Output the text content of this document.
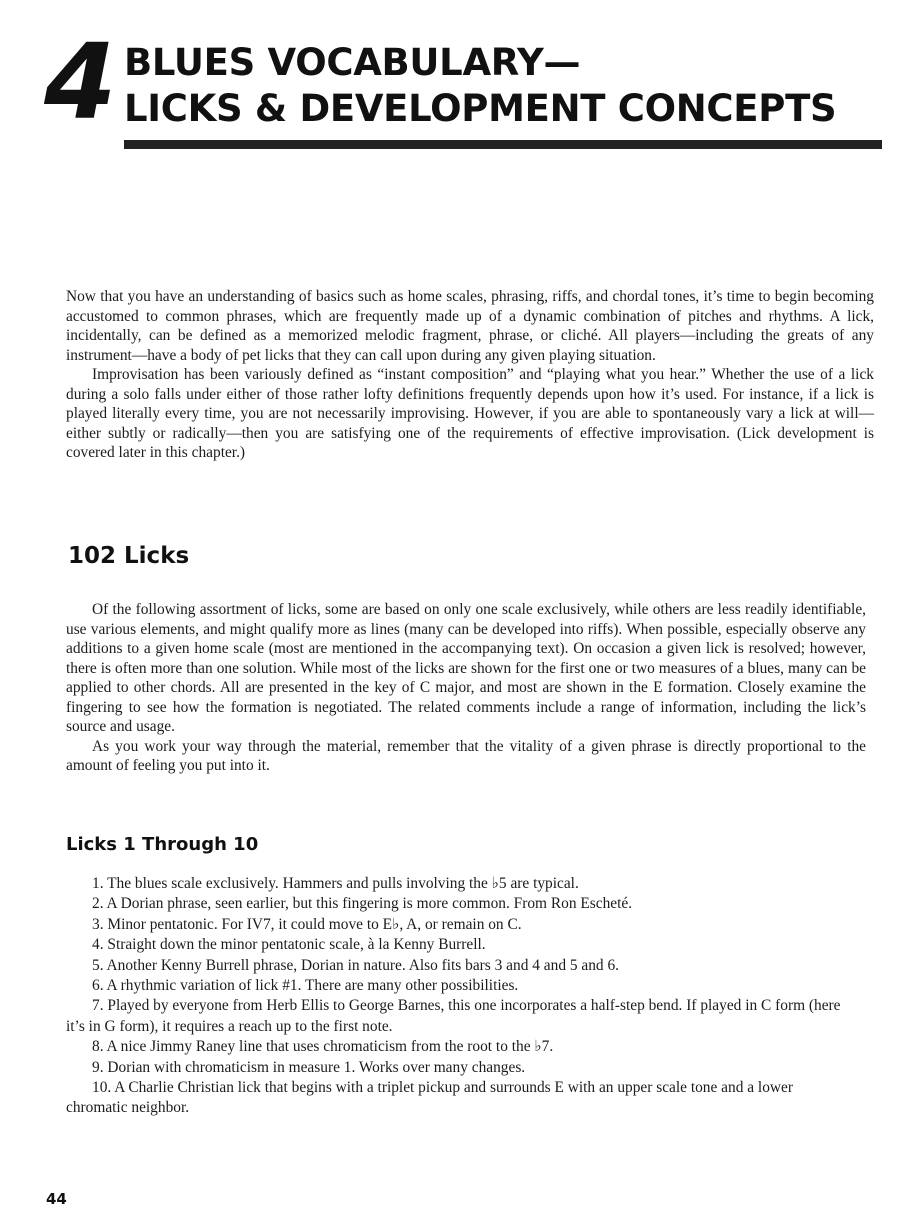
4 BLUES VOCABULARY—
LICKS & DEVELOPMENT CONCEPTS

Now that you have an understanding of basics such as home scales, phrasing, riffs, and chordal tones, it’s time to begin becoming accustomed to common phrases, which are frequently made up of a dynamic combination of pitches and rhythms. A lick, incidentally, can be defined as a memorized melodic fragment, phrase, or cliché. All players—including the greats of any instrument—have a body of pet licks that they can call upon during any given playing situation.

Improvisation has been variously defined as “instant composition” and “playing what you hear.” Whether the use of a lick during a solo falls under either of those rather lofty definitions frequently depends upon how it’s used. For instance, if a lick is played literally every time, you are not necessarily improvising. However, if you are able to spontaneously vary a lick at will—either subtly or radically—then you are satisfying one of the requirements of effective improvisation. (Lick development is covered later in this chapter.)

102 Licks

Of the following assortment of licks, some are based on only one scale exclusively, while others are less readily identifiable, use various elements, and might qualify more as lines (many can be developed into riffs). When possible, especially observe any additions to a given home scale (most are mentioned in the accompanying text). On occasion a given lick is resolved; however, there is often more than one solution. While most of the licks are shown for the first one or two measures of a blues, many can be applied to other chords. All are presented in the key of C major, and most are shown in the E formation. Closely examine the fingering to see how the formation is negotiated. The related comments include a range of information, including the lick’s source and usage.

As you work your way through the material, remember that the vitality of a given phrase is directly proportional to the amount of feeling you put into it.

Licks 1 Through 10
1. The blues scale exclusively. Hammers and pulls involving the ♭5 are typical.
2. A Dorian phrase, seen earlier, but this fingering is more common. From Ron Escheté.
3. Minor pentatonic. For IV7, it could move to E♭, A, or remain on C.
4. Straight down the minor pentatonic scale, à la Kenny Burrell.
5. Another Kenny Burrell phrase, Dorian in nature. Also fits bars 3 and 4 and 5 and 6.
6. A rhythmic variation of lick #1. There are many other possibilities.
7. Played by everyone from Herb Ellis to George Barnes, this one incorporates a half-step bend. If played in C form (here it’s in G form), it requires a reach up to the first note.
8. A nice Jimmy Raney line that uses chromaticism from the root to the ♭7.
9. Dorian with chromaticism in measure 1. Works over many changes.
10. A Charlie Christian lick that begins with a triplet pickup and surrounds E with an upper scale tone and a lower chromatic neighbor.
44
